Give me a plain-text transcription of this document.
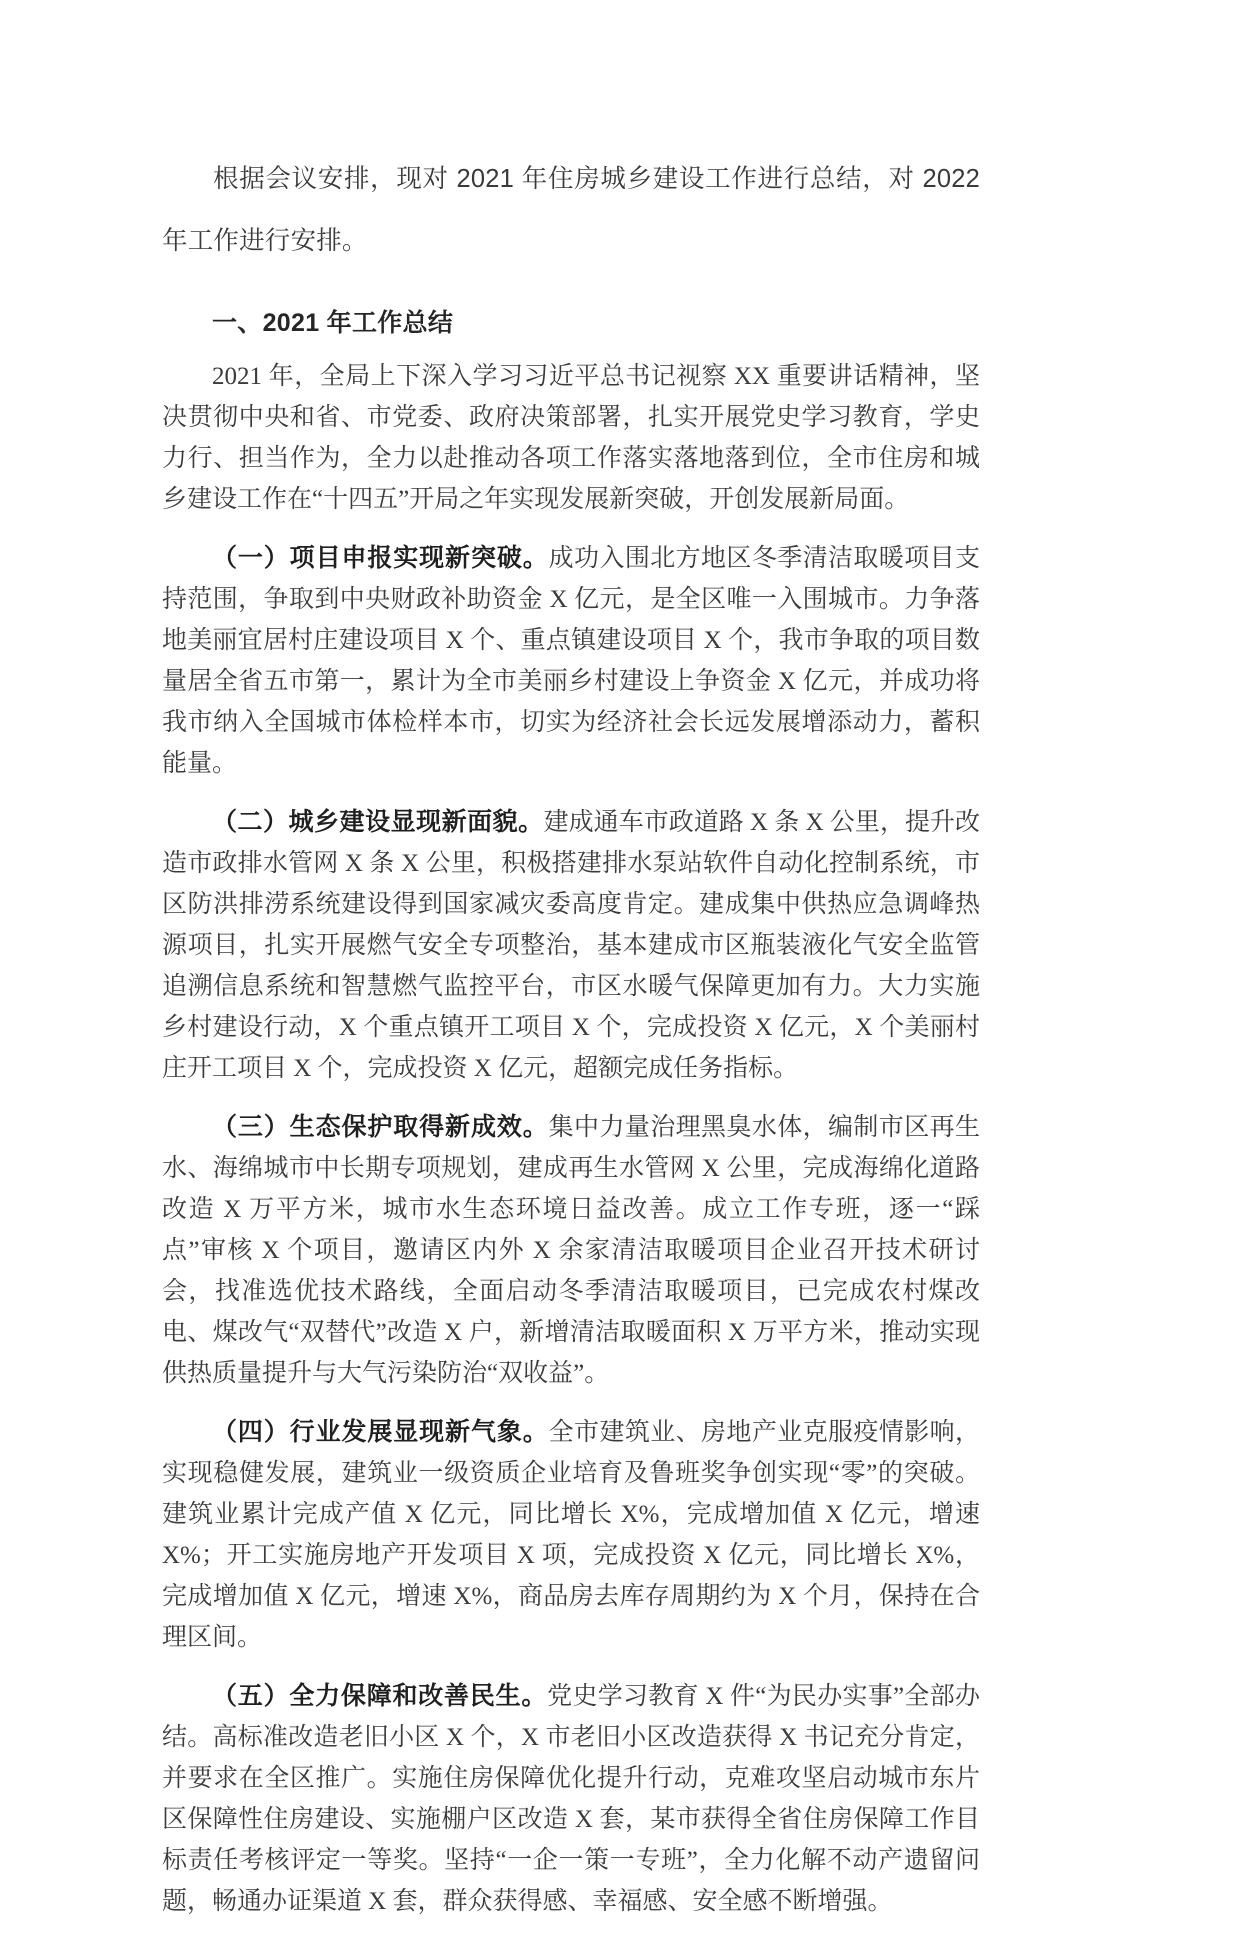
根据会议安排，现对 2021 年住房城乡建设工作进行总结，对 2022 年工作进行安排。

一、2021 年工作总结

2021 年，全局上下深入学习习近平总书记视察 XX 重要讲话精神，坚决贯彻中央和省、市党委、政府决策部署，扎实开展党史学习教育，学史力行、担当作为，全力以赴推动各项工作落实落地落到位，全市住房和城乡建设工作在“十四五”开局之年实现发展新突破，开创发展新局面。

（一）项目申报实现新突破。成功入围北方地区冬季清洁取暖项目支持范围，争取到中央财政补助资金 X 亿元，是全区唯一入围城市。力争落地美丽宜居村庄建设项目 X 个、重点镇建设项目 X 个，我市争取的项目数量居全省五市第一，累计为全市美丽乡村建设上争资金 X 亿元，并成功将我市纳入全国城市体检样本市，切实为经济社会长远发展增添动力，蓄积能量。

（二）城乡建设显现新面貌。建成通车市政道路 X 条 X 公里，提升改造市政排水管网 X 条 X 公里，积极搭建排水泵站软件自动化控制系统，市区防洪排涝系统建设得到国家减灾委高度肯定。建成集中供热应急调峰热源项目，扎实开展燃气安全专项整治，基本建成市区瓶装液化气安全监管追溯信息系统和智慧燃气监控平台，市区水暖气保障更加有力。大力实施乡村建设行动，X 个重点镇开工项目 X 个，完成投资 X 亿元，X 个美丽村庄开工项目 X 个，完成投资 X 亿元，超额完成任务指标。

（三）生态保护取得新成效。集中力量治理黑臭水体，编制市区再生水、海绵城市中长期专项规划，建成再生水管网 X 公里，完成海绵化道路改造 X 万平方米，城市水生态环境日益改善。成立工作专班，逐一“踩点”审核 X 个项目，邀请区内外 X 余家清洁取暖项目企业召开技术研讨会，找准选优技术路线，全面启动冬季清洁取暖项目，已完成农村煤改电、煤改气“双替代”改造 X 户，新增清洁取暖面积 X 万平方米，推动实现供热质量提升与大气污染防治“双收益”。

（四）行业发展显现新气象。全市建筑业、房地产业克服疫情影响，实现稳健发展，建筑业一级资质企业培育及鲁班奖争创实现“零”的突破。建筑业累计完成产值 X 亿元，同比增长 X%，完成增加值 X 亿元，增速 X%；开工实施房地产开发项目 X 项，完成投资 X 亿元，同比增长 X%，完成增加值 X 亿元，增速 X%，商品房去库存周期约为 X 个月，保持在合理区间。

（五）全力保障和改善民生。党史学习教育 X 件“为民办实事”全部办结。高标准改造老旧小区 X 个，X 市老旧小区改造获得 X 书记充分肯定，并要求在全区推广。实施住房保障优化提升行动，克难攻坚启动城市东片区保障性住房建设、实施棚户区改造 X 套，某市获得全省住房保障工作目标责任考核评定一等奖。坚持“一企一策一专班”，全力化解不动产遗留问题，畅通办证渠道 X 套，群众获得感、幸福感、安全感不断增强。
